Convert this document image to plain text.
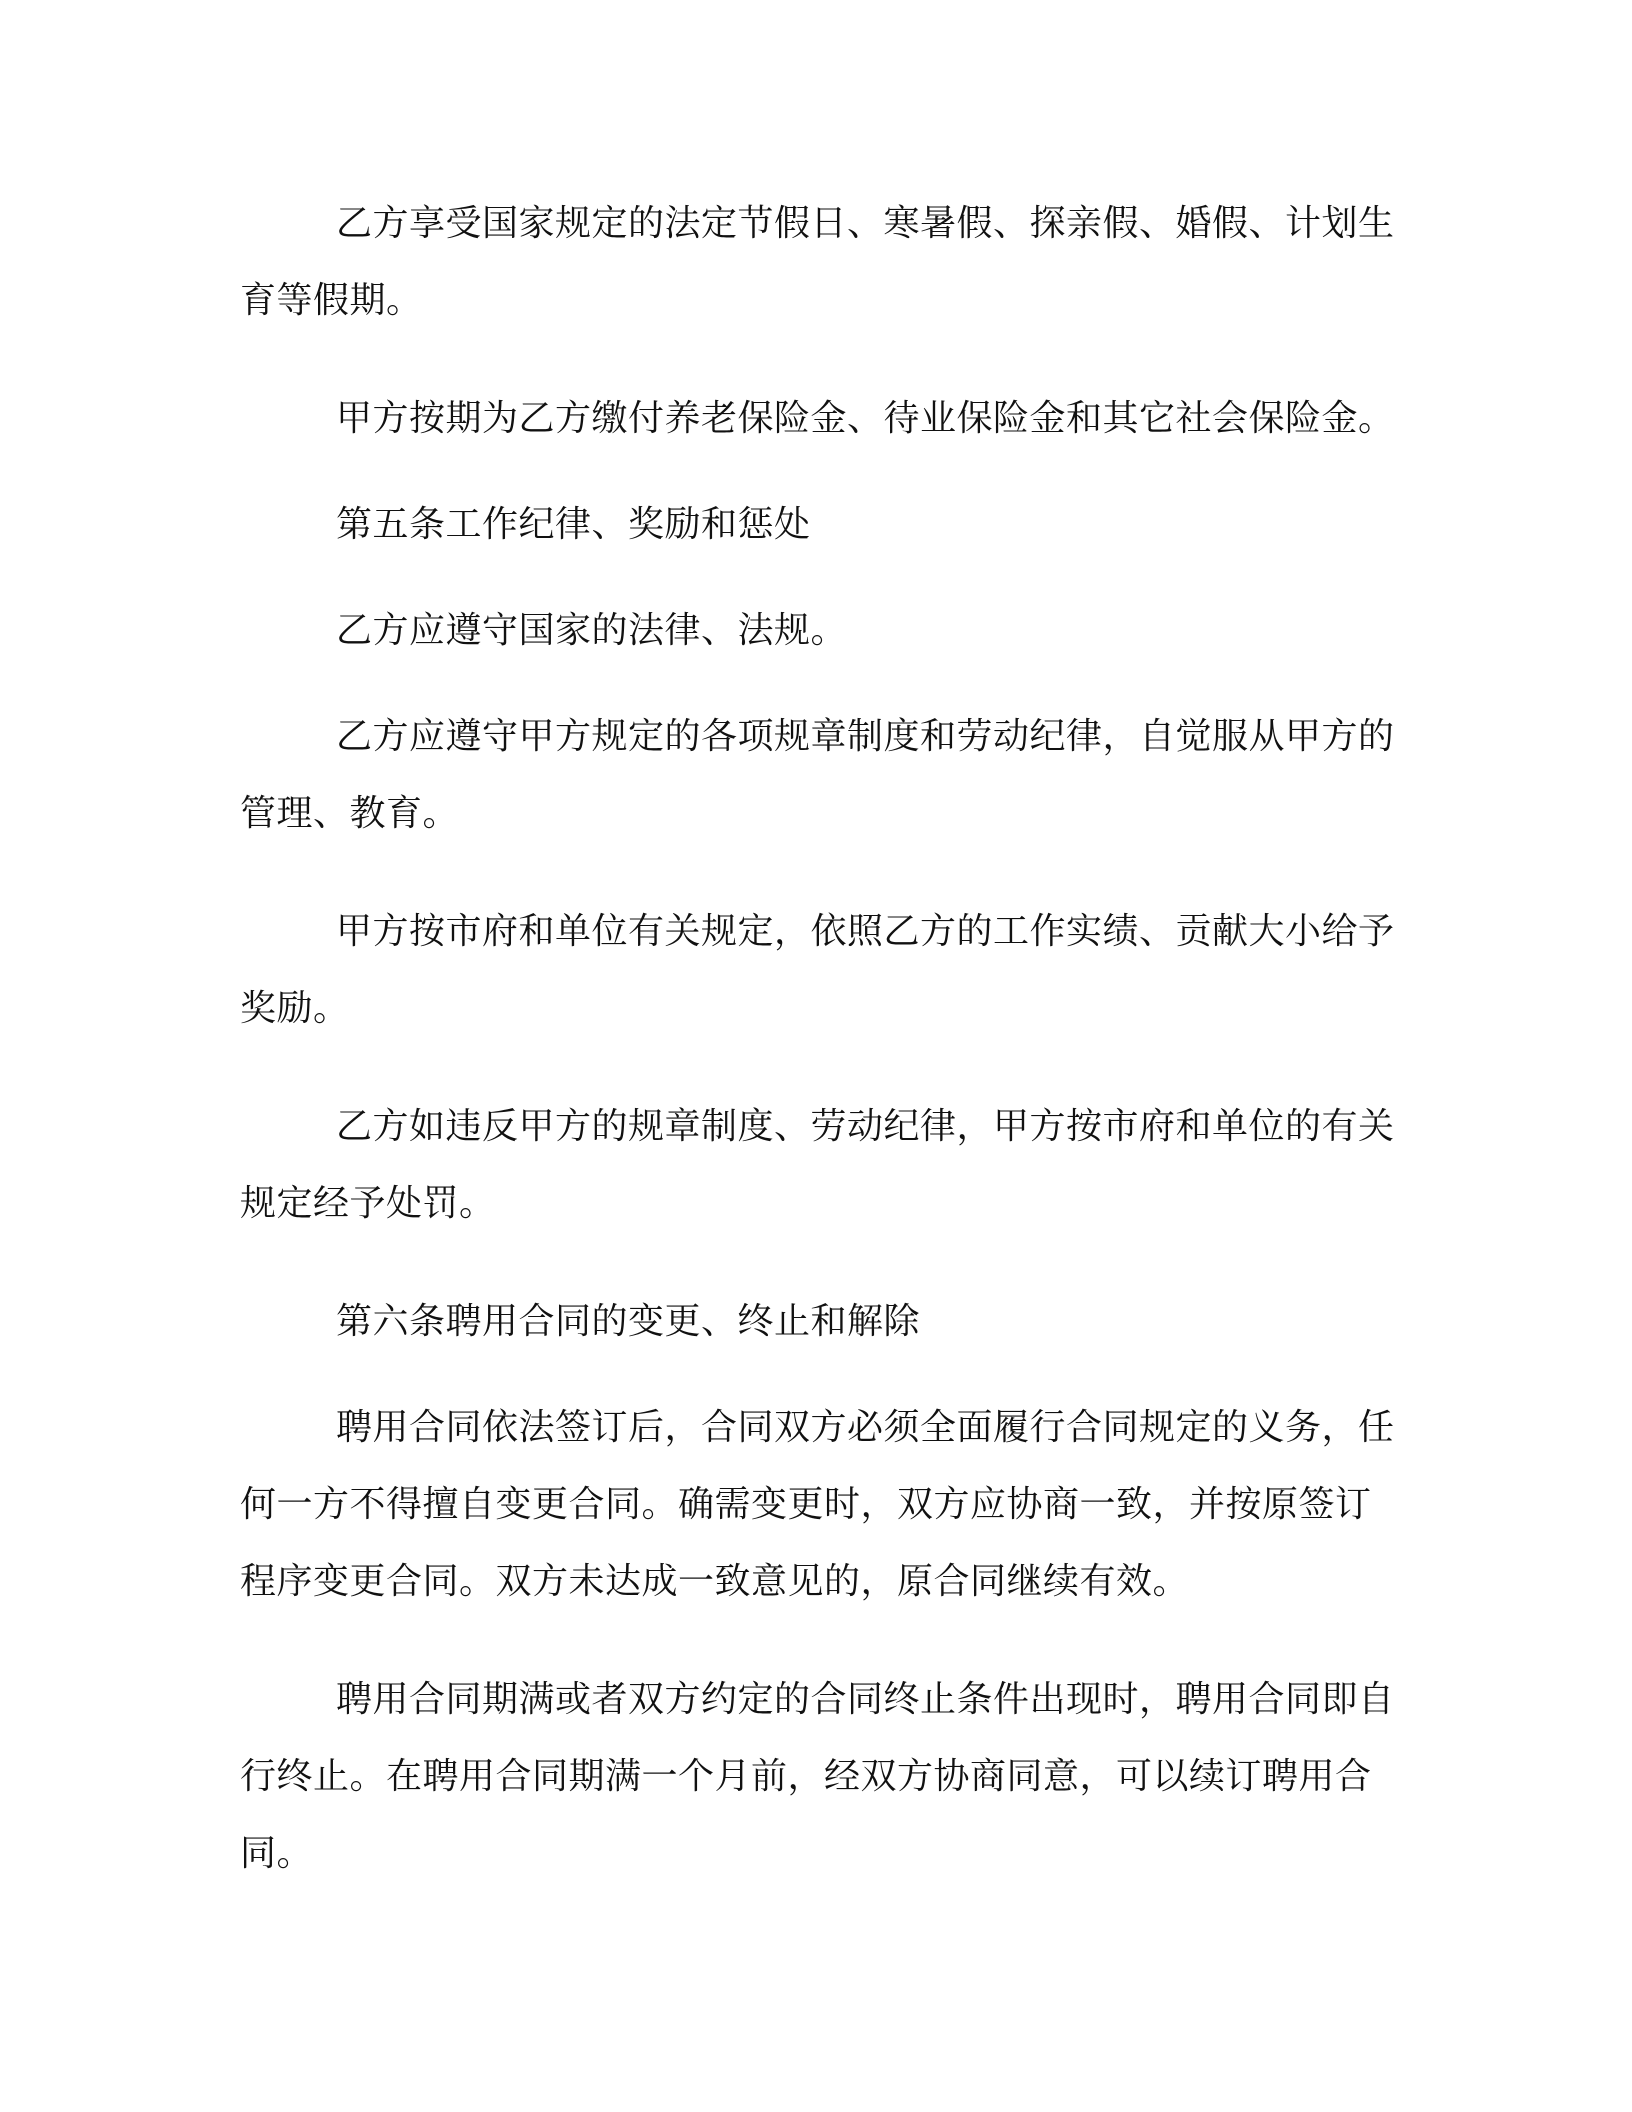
乙方享受国家规定的法定节假日、寒暑假、探亲假、婚假、计划生育等假期。

甲方按期为乙方缴付养老保险金、待业保险金和其它社会保险金。

第五条工作纪律、奖励和惩处

乙方应遵守国家的法律、法规。

乙方应遵守甲方规定的各项规章制度和劳动纪律，自觉服从甲方的管理、教育。

甲方按市府和单位有关规定，依照乙方的工作实绩、贡献大小给予奖励。

乙方如违反甲方的规章制度、劳动纪律，甲方按市府和单位的有关规定经予处罚。

第六条聘用合同的变更、终止和解除

聘用合同依法签订后，合同双方必须全面履行合同规定的义务，任何一方不得擅自变更合同。确需变更时，双方应协商一致，并按原签订程序变更合同。双方未达成一致意见的，原合同继续有效。

聘用合同期满或者双方约定的合同终止条件出现时，聘用合同即自行终止。在聘用合同期满一个月前，经双方协商同意，可以续订聘用合同。
